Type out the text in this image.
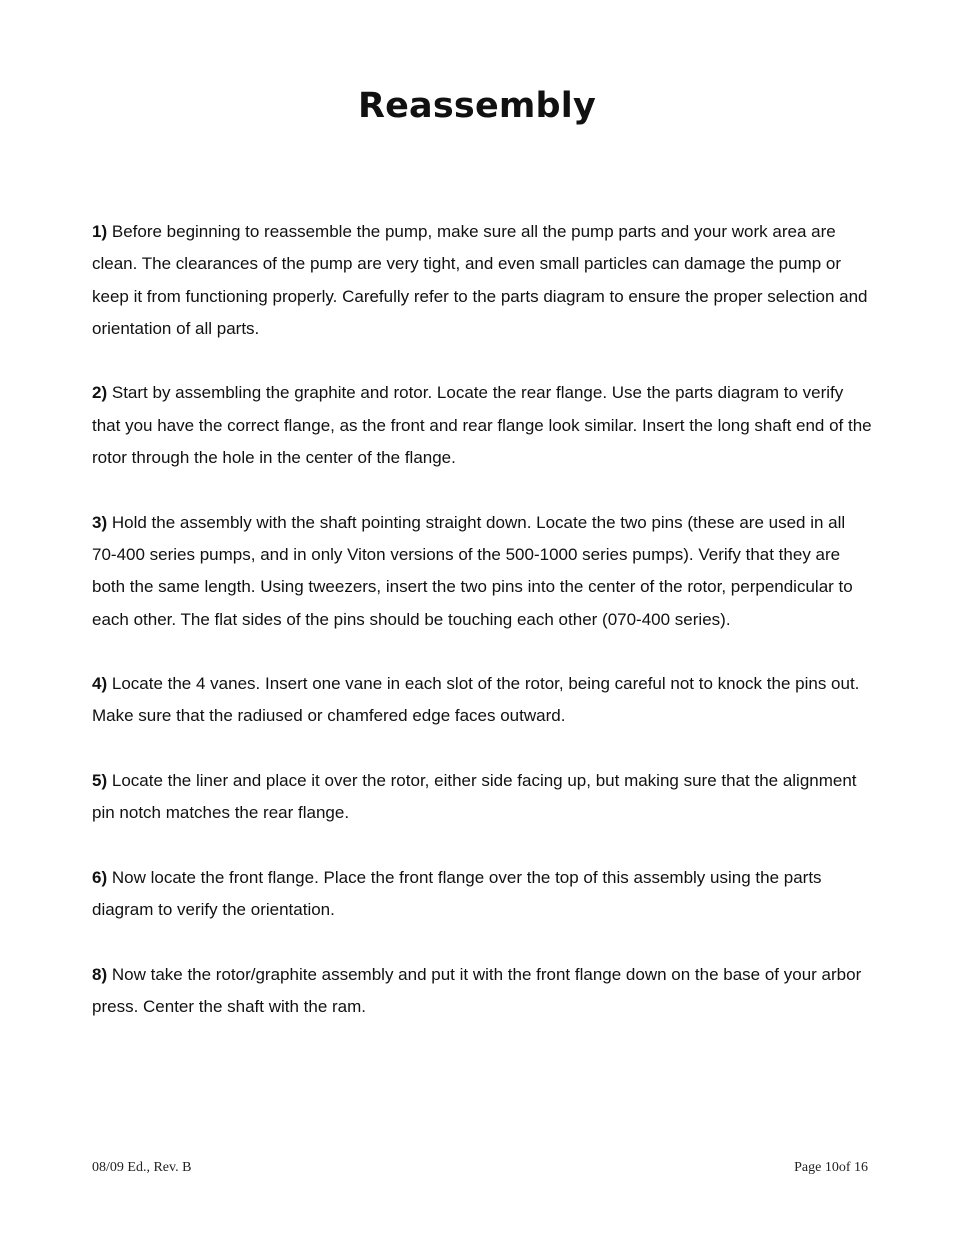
Reassembly

1) Before beginning to reassemble the pump, make sure all the pump parts and your work area are clean. The clearances of the pump are very tight, and even small particles can damage the pump or keep it from functioning properly. Carefully refer to the parts diagram to ensure the proper selection and orientation of all parts.

2) Start by assembling the graphite and rotor. Locate the rear flange. Use the parts diagram to verify that you have the correct flange, as the front and rear flange look similar. Insert the long shaft end of the rotor through the hole in the center of the flange.

3) Hold the assembly with the shaft pointing straight down. Locate the two pins (these are used in all 70-400 series pumps, and in only Viton versions of the 500-1000 series pumps). Verify that they are both the same length. Using tweezers, insert the two pins into the center of the rotor, perpendicular to each other. The flat sides of the pins should be touching each other (070-400 series).

4) Locate the 4 vanes. Insert one vane in each slot of the rotor, being careful not to knock the pins out. Make sure that the radiused or chamfered edge faces outward.

5) Locate the liner and place it over the rotor, either side facing up, but making sure that the alignment pin notch matches the rear flange.

6) Now locate the front flange. Place the front flange over the top of this assembly using the parts diagram to verify the orientation.

8) Now take the rotor/graphite assembly and put it with the front flange down on the base of your arbor press. Center the shaft with the ram.

08/09 Ed., Rev. B	Page 10of 16
